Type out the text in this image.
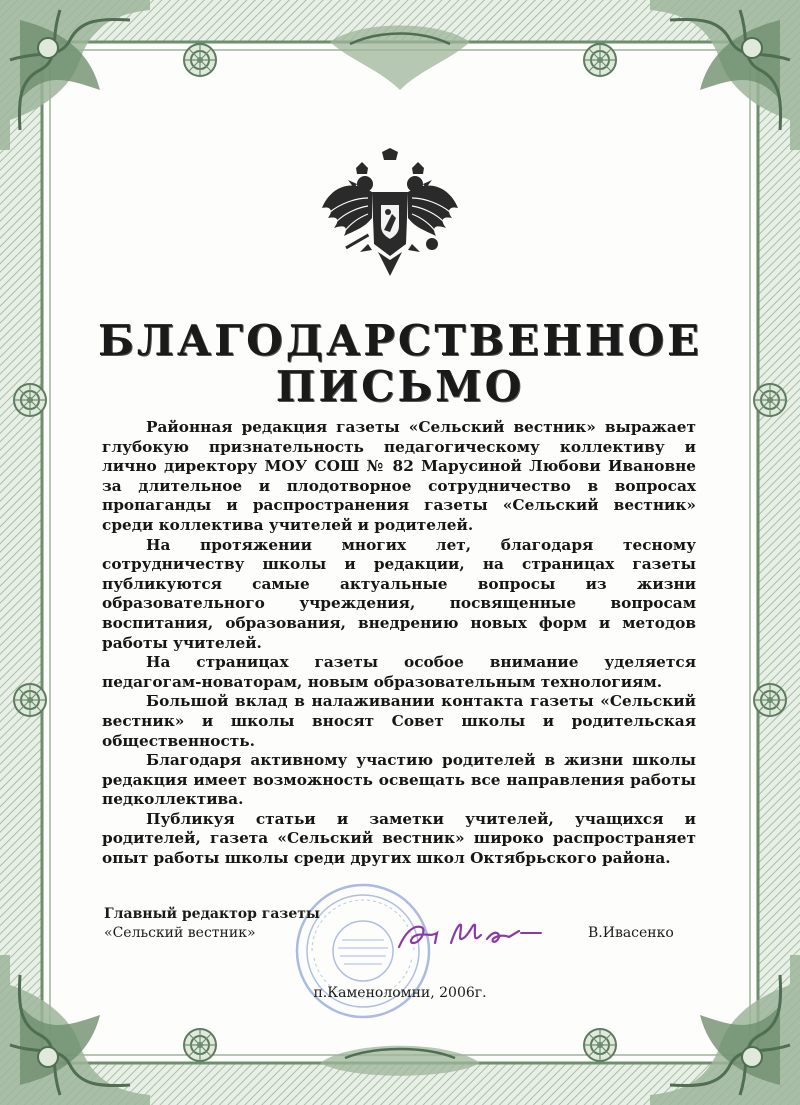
БЛАГОДАРСТВЕННОЕ
ПИСЬМО

Районная редакция газеты «Сельский вестник» выражает глубокую признательность педагогическому коллективу и лично директору МОУ СОШ № 82 Марусиной Любови Ивановне за длительное и плодотворное сотрудничество в вопросах пропаганды и распространения газеты «Сельский вестник» среди коллектива учителей и родителей.

На протяжении многих лет, благодаря тесному сотрудничеству школы и редакции, на страницах газеты публикуются самые актуальные вопросы из жизни образовательного учреждения, посвященные вопросам воспитания, образования, внедрению новых форм и методов работы учителей.

На страницах газеты особое внимание уделяется педагогам-новаторам, новым образовательным технологиям.

Большой вклад в налаживании контакта газеты «Сельский вестник» и школы вносят Совет школы и родительская общественность.

Благодаря активному участию родителей в жизни школы редакция имеет возможность освещать все направления работы педколлектива.

Публикуя статьи и заметки учителей, учащихся и родителей, газета «Сельский вестник» широко распространяет опыт работы школы среди других школ Октябрьского района.

Главный редактор газеты
«Сельский вестник»	В.Ивасенко
п.Каменоломни, 2006г.
